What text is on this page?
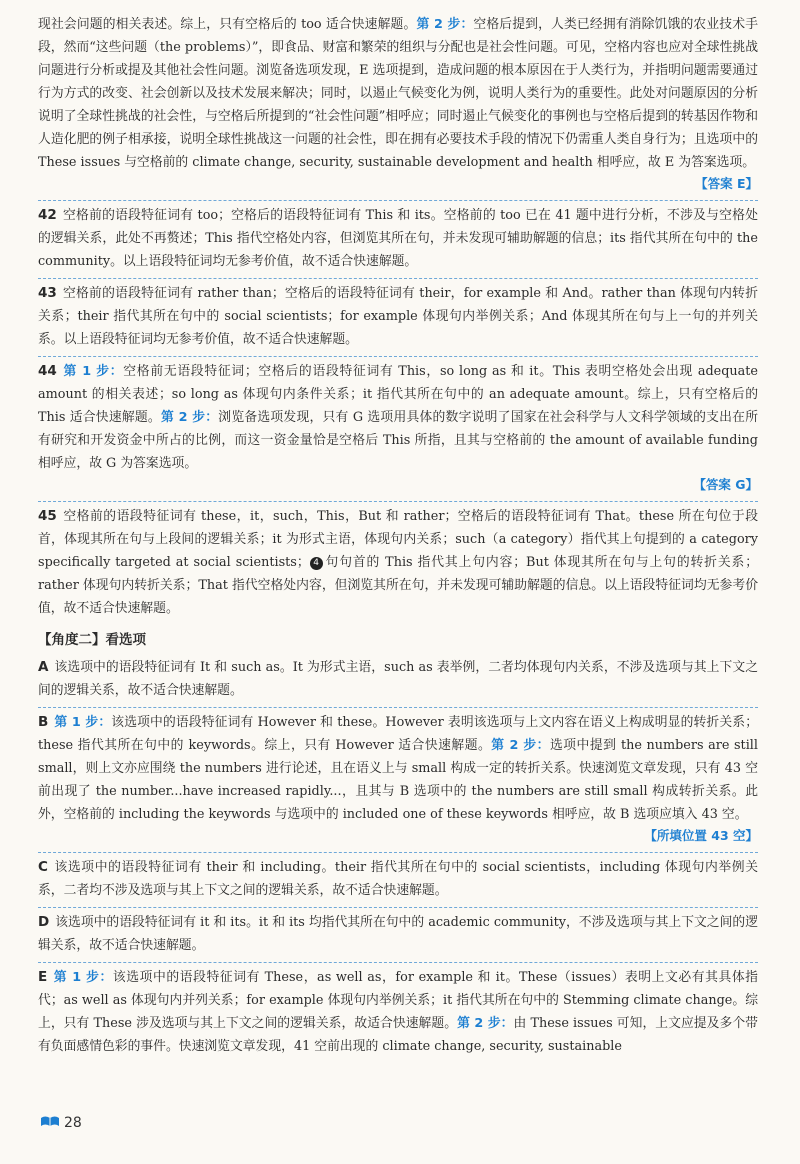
现社会问题的相关表述。综上，只有空格后的 too 适合快速解题。第 2 步：空格后提到，人类已经拥有消除饥饿的农业技术手段，然而“这些问题（the problems）”，即食品、财富和繁荣的组织与分配也是社会性问题。可见，空格内容也应对全球性挑战问题进行分析或提及其他社会性问题。浏览备选项发现，E 选项提到，造成问题的根本原因在于人类行为，并指明问题需要通过行为方式的改变、社会创新以及技术发展来解决；同时，以遏止气候变化为例，说明人类行为的重要性。此处对问题原因的分析说明了全球性挑战的社会性，与空格后所提到的“社会性问题”相呼应；同时遏止气候变化的事例也与空格后提到的转基因作物和人造化肥的例子相承接，说明全球性挑战这一问题的社会性，即在拥有必要技术手段的情况下仍需重人类自身行为；且选项中的 These issues 与空格前的 climate change, security, sustainable development and health 相呼应，故 E 为答案选项。
【答案 E】
42 空格前的语段特征词有 too；空格后的语段特征词有 This 和 its。空格前的 too 已在 41 题中进行分析，不涉及与空格处的逻辑关系，此处不再赘述；This 指代空格处内容，但浏览其所在句，并未发现可辅助解题的信息；its 指代其所在句中的 the community。以上语段特征词均无参考价值，故不适合快速解题。
43 空格前的语段特征词有 rather than；空格后的语段特征词有 their，for example 和 And。rather than 体现句内转折关系；their 指代其所在句中的 social scientists；for example 体现句内举例关系；And 体现其所在句与上一句的并列关系。以上语段特征词均无参考价值，故不适合快速解题。
44 第 1 步：空格前无语段特征词；空格后的语段特征词有 This，so long as 和 it。This 表明空格处会出现 adequate amount 的相关表述；so long as 体现句内条件关系；it 指代其所在句中的 an adequate amount。综上，只有空格后的 This 适合快速解题。第 2 步：浏览备选项发现，只有 G 选项用具体的数字说明了国家在社会科学与人文科学领域的支出在所有研究和开发资金中所占的比例，而这一资金量恰是空格后 This 所指，且其与空格前的 the amount of available funding 相呼应，故 G 为答案选项。
【答案 G】
45 空格前的语段特征词有 these，it，such，This，But 和 rather；空格后的语段特征词有 That。these 所在句位于段首，体现其所在句与上段间的逻辑关系；it 为形式主语，体现句内关系；such（a category）指代其上句提到的 a category specifically targeted at social scientists； 4 句句首的 This 指代其上句内容；But 体现其所在句与上句的转折关系；rather 体现句内转折关系；That 指代空格处内容，但浏览其所在句，并未发现可辅助解题的信息。以上语段特征词均无参考价值，故不适合快速解题。
【角度二】看选项
A 该选项中的语段特征词有 It 和 such as。It 为形式主语，such as 表举例，二者均体现句内关系，不涉及选项与其上下文之间的逻辑关系，故不适合快速解题。
B 第 1 步：该选项中的语段特征词有 However 和 these。However 表明该选项与上文内容在语义上构成明显的转折关系；these 指代其所在句中的 keywords。综上，只有 However 适合快速解题。第 2 步：选项中提到 the numbers are still small，则上文亦应围绕 the numbers 进行论述，且在语义上与 small 构成一定的转折关系。快速浏览文章发现，只有 43 空前出现了 the number...have increased rapidly...，且其与 B 选项中的 the numbers are still small 构成转折关系。此外，空格前的 including the keywords 与选项中的 included one of these keywords 相呼应，故 B 选项应填入 43 空。
【所填位置 43 空】
C 该选项中的语段特征词有 their 和 including。their 指代其所在句中的 social scientists，including 体现句内举例关系，二者均不涉及选项与其上下文之间的逻辑关系，故不适合快速解题。
D 该选项中的语段特征词有 it 和 its。it 和 its 均指代其所在句中的 academic community，不涉及选项与其上下文之间的逻辑关系，故不适合快速解题。
E 第 1 步：该选项中的语段特征词有 These，as well as，for example 和 it。These（issues）表明上文必有其具体指代；as well as 体现句内并列关系；for example 体现句内举例关系；it 指代其所在句中的 Stemming climate change。综上，只有 These 涉及选项与其上下文之间的逻辑关系，故适合快速解题。第 2 步：由 These issues 可知，上文应提及多个带有负面感情色彩的事件。快速浏览文章发现，41 空前出现的 climate change, security, sustainable
28
